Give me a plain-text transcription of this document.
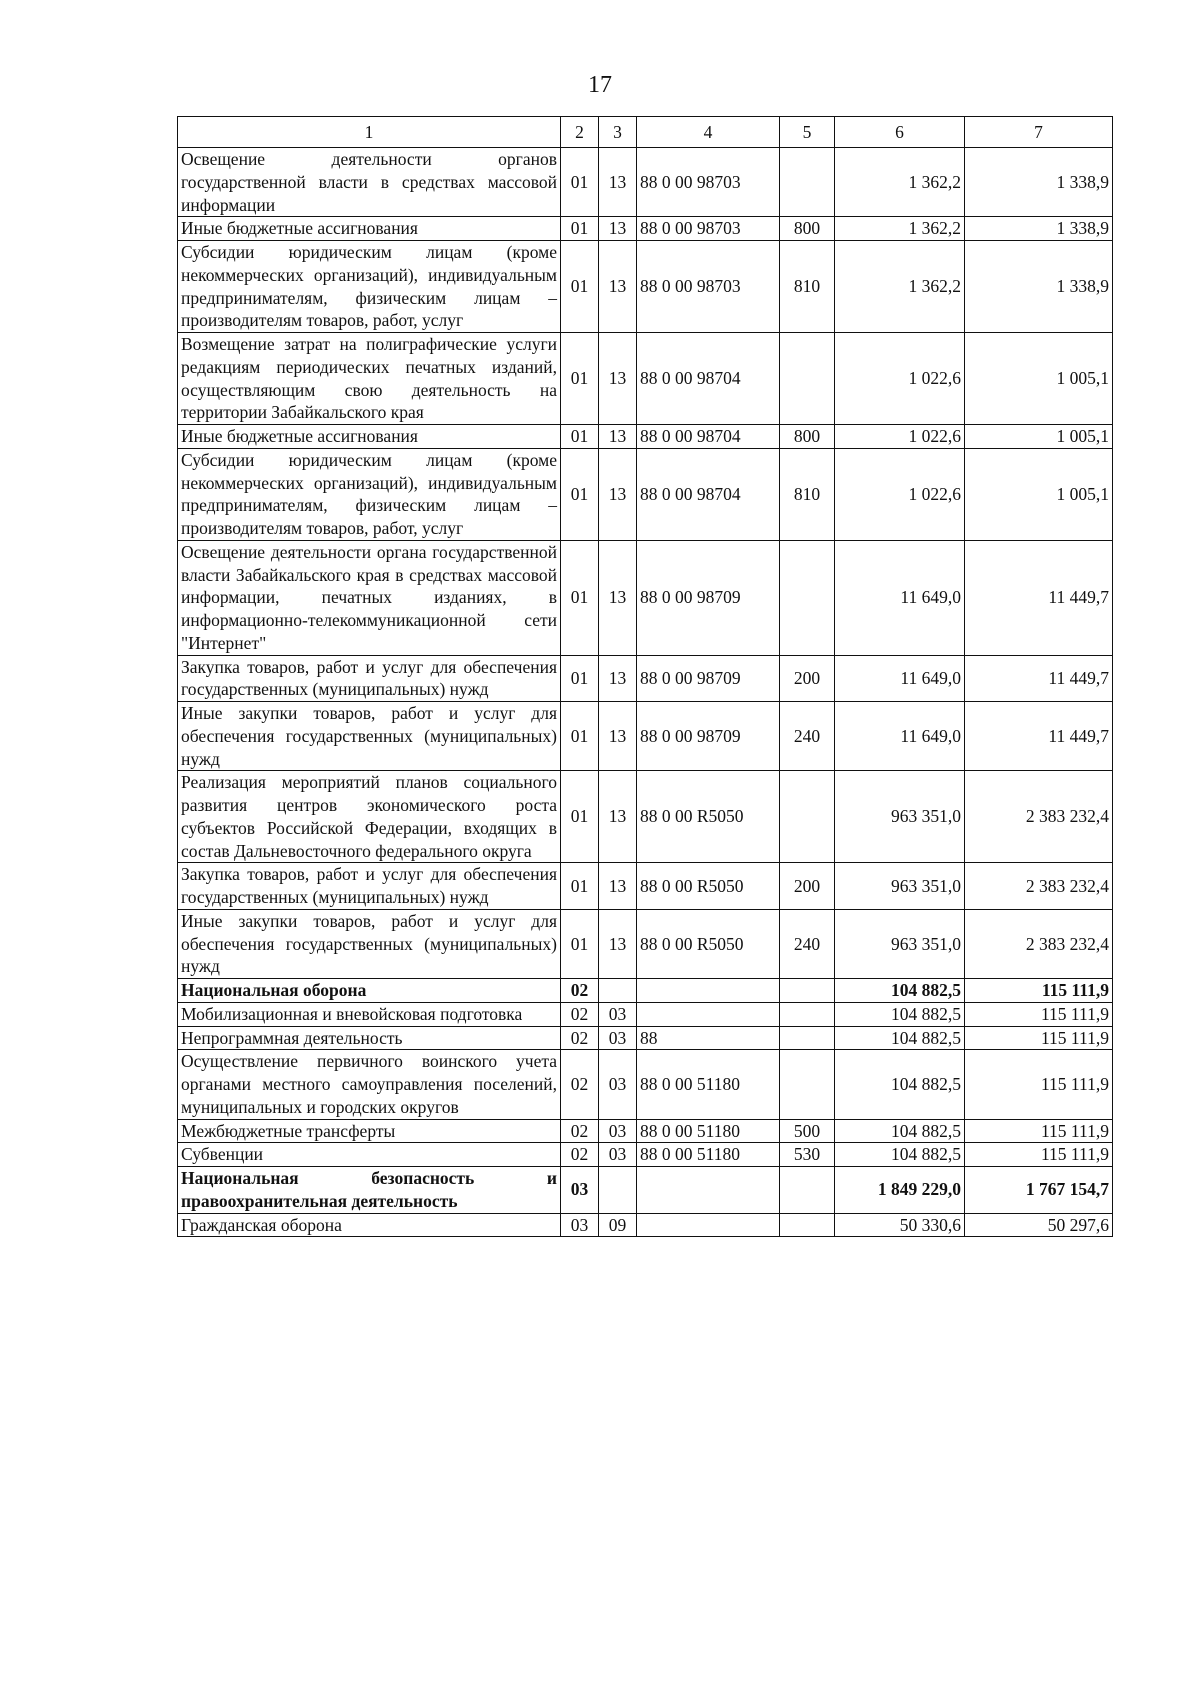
17
1	2	3	4	5	6	7
Освещение деятельности органов государственной власти в средствах массовой информации	01	13	88 0 00 98703		1 362,2	1 338,9
Иные бюджетные ассигнования	01	13	88 0 00 98703	800	1 362,2	1 338,9
Субсидии юридическим лицам (кроме некоммерческих организаций), индивидуальным предпринимателям, физическим лицам – производителям товаров, работ, услуг	01	13	88 0 00 98703	810	1 362,2	1 338,9
Возмещение затрат на полиграфические услуги редакциям периодических печатных изданий, осуществляющим свою деятельность на территории Забайкальского края	01	13	88 0 00 98704		1 022,6	1 005,1
Иные бюджетные ассигнования	01	13	88 0 00 98704	800	1 022,6	1 005,1
Субсидии юридическим лицам (кроме некоммерческих организаций), индивидуальным предпринимателям, физическим лицам – производителям товаров, работ, услуг	01	13	88 0 00 98704	810	1 022,6	1 005,1
Освещение деятельности органа государственной власти Забайкальского края в средствах массовой информации, печатных изданиях, в информационно-телекоммуникационной сети "Интернет"	01	13	88 0 00 98709		11 649,0	11 449,7
Закупка товаров, работ и услуг для обеспечения государственных (муниципальных) нужд	01	13	88 0 00 98709	200	11 649,0	11 449,7
Иные закупки товаров, работ и услуг для обеспечения государственных (муниципальных) нужд	01	13	88 0 00 98709	240	11 649,0	11 449,7
Реализация мероприятий планов социального развития центров экономического роста субъектов Российской Федерации, входящих в состав Дальневосточного федерального округа	01	13	88 0 00 R5050		963 351,0	2 383 232,4
Закупка товаров, работ и услуг для обеспечения государственных (муниципальных) нужд	01	13	88 0 00 R5050	200	963 351,0	2 383 232,4
Иные закупки товаров, работ и услуг для обеспечения государственных (муниципальных) нужд	01	13	88 0 00 R5050	240	963 351,0	2 383 232,4
Национальная оборона	02				104 882,5	115 111,9
Мобилизационная и вневойсковая подготовка	02	03			104 882,5	115 111,9
Непрограммная деятельность	02	03	88		104 882,5	115 111,9
Осуществление первичного воинского учета органами местного самоуправления поселений, муниципальных и городских округов	02	03	88 0 00 51180		104 882,5	115 111,9
Межбюджетные трансферты	02	03	88 0 00 51180	500	104 882,5	115 111,9
Субвенции	02	03	88 0 00 51180	530	104 882,5	115 111,9
Национальная безопасность и правоохранительная деятельность	03				1 849 229,0	1 767 154,7
Гражданская оборона	03	09			50 330,6	50 297,6
